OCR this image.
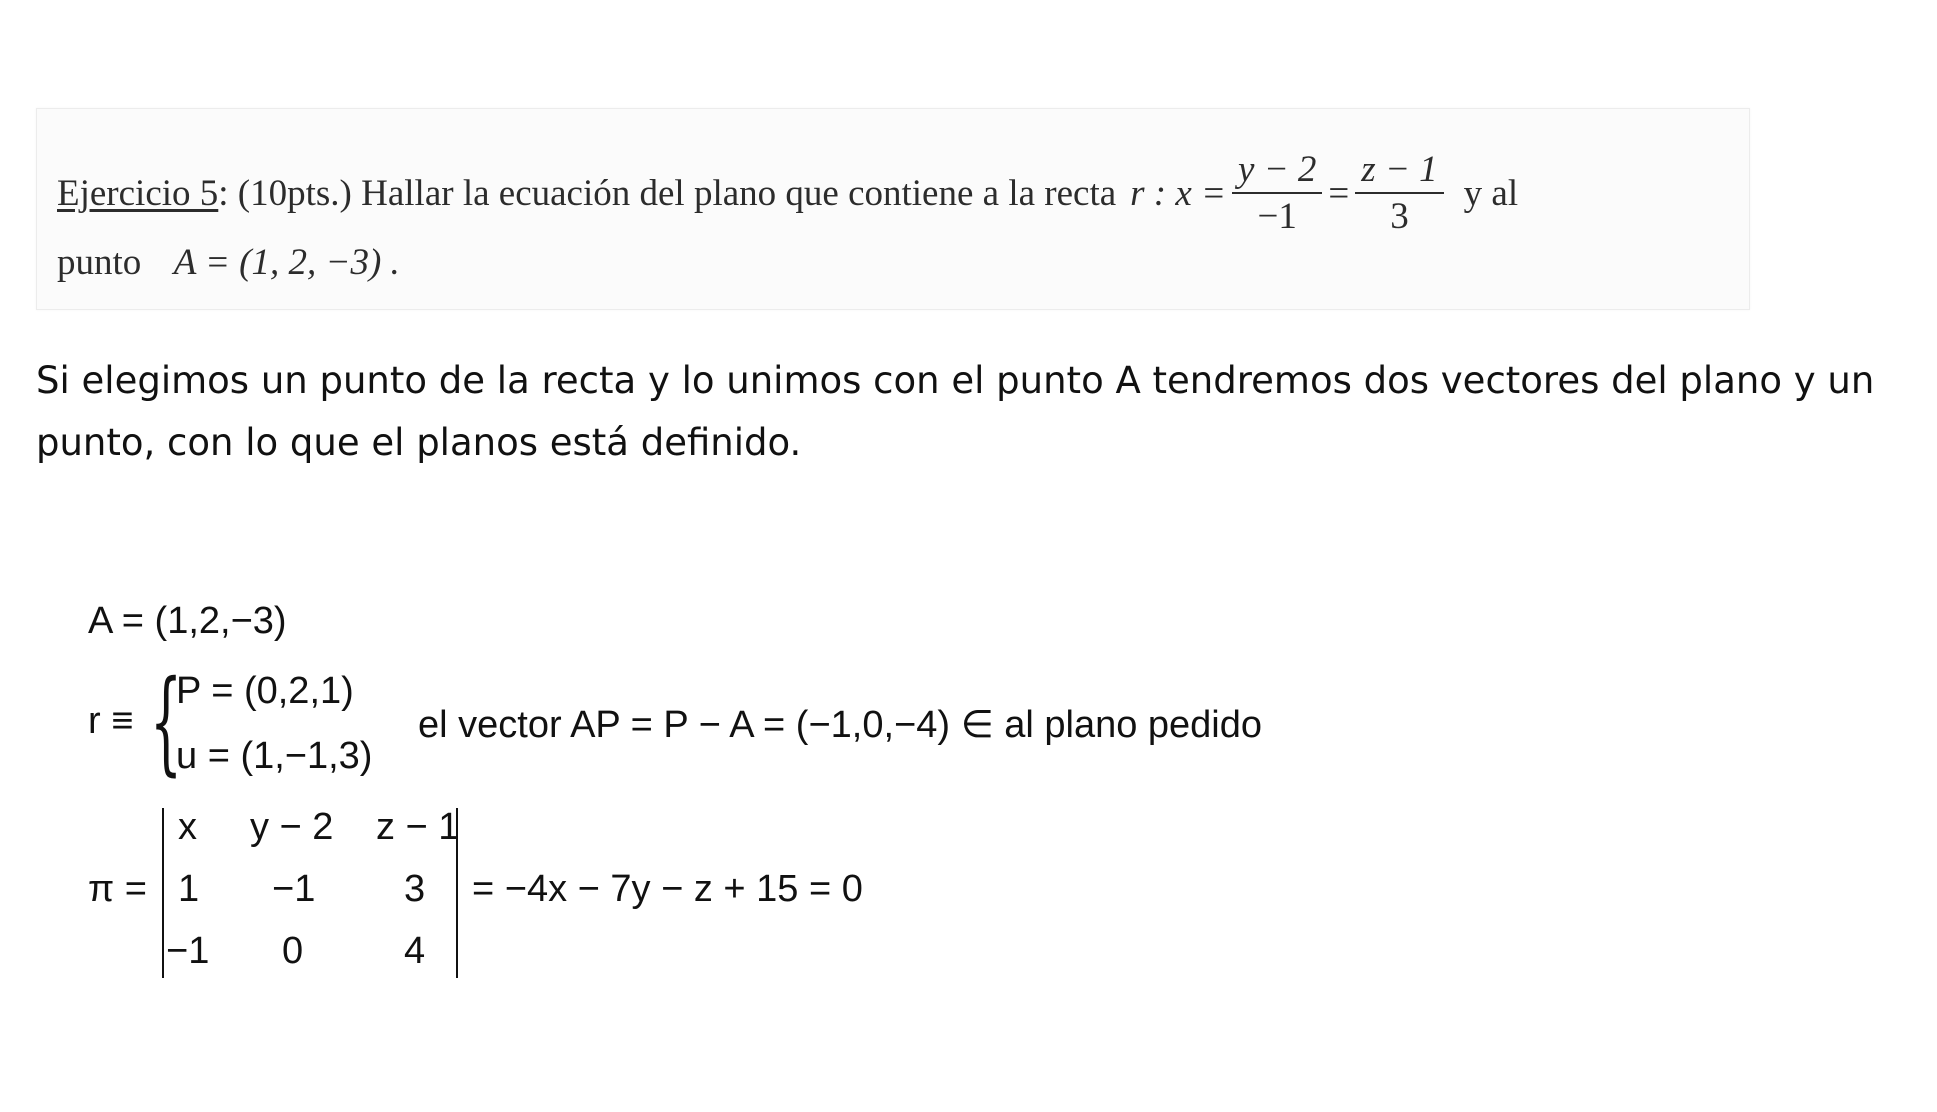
Ejercicio 5 : (10pts.) Hallar la ecuación del plano que contiene a la recta r : $x = \frac{y - 2}{-1} = \frac{z - 1}{3}$ y al
punto A = (1, 2, −3) .
Si elegimos un punto de la recta y lo unimos con el punto A tendremos dos vectores del plano y un punto, con lo que el planos está definido.
A = (1,2,−3)
r ≡ {
P = (0,2,1)
u = (1,−1,3)
el vector AP = P − A = (−1,0,−4) ∈ al plano pedido
π =
x y − 2 z − 1
1 −1 3
−1 0	4
= −4x − 7y − z + 15 = 0
